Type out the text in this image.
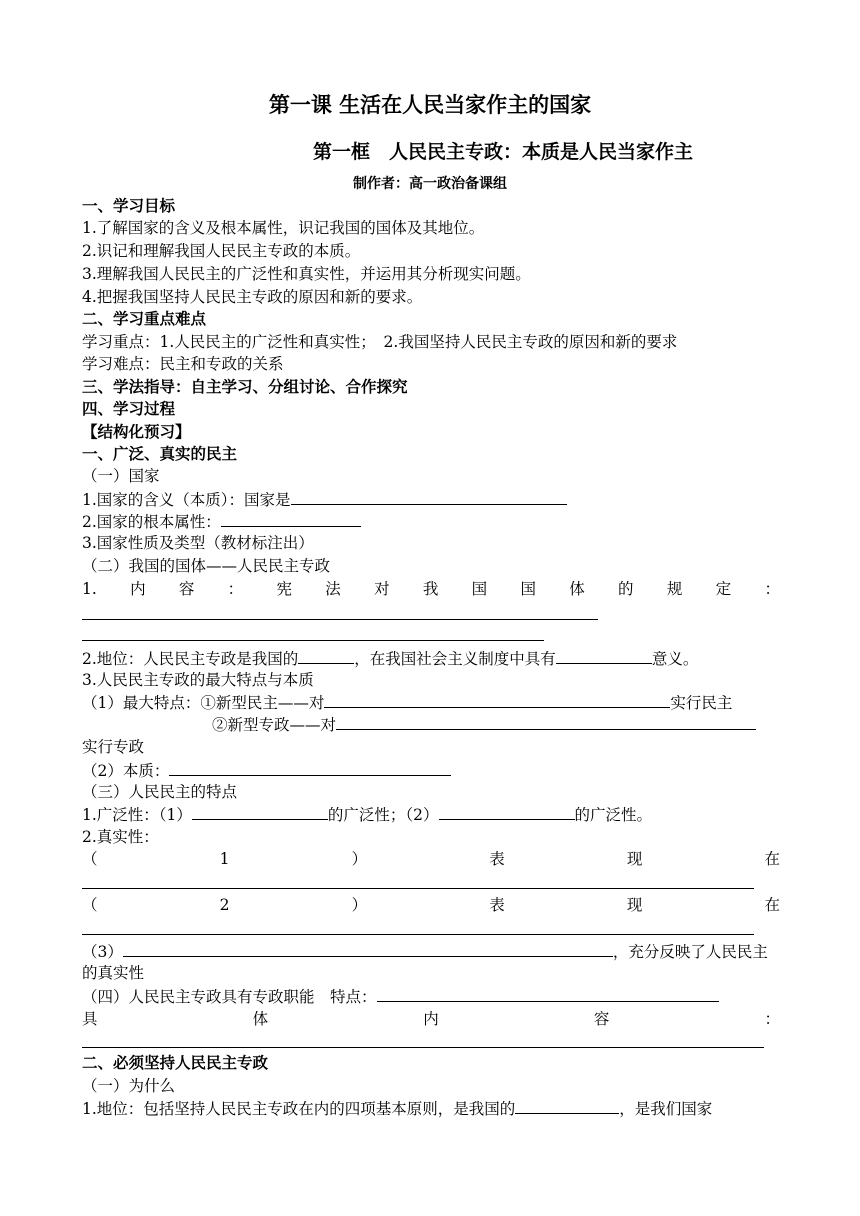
第一课 生活在人民当家作主的国家
第一框　人民民主专政：本质是人民当家作主
制作者：高一政治备课组
一、学习目标
1.了解国家的含义及根本属性，识记我国的国体及其地位。
2.识记和理解我国人民民主专政的本质。
3.理解我国人民民主的广泛性和真实性，并运用其分析现实问题。
4.把握我国坚持人民民主专政的原因和新的要求。
二、学习重点难点
学习重点：1.人民民主的广泛性和真实性；　2.我国坚持人民民主专政的原因和新的要求
学习难点：民主和专政的关系
三、学法指导：自主学习、分组讨论、合作探究
四、学习过程
【结构化预习】
一、广泛、真实的民主
（一）国家
1.国家的含义（本质）：国家是
2.国家的根本属性：
3.国家性质及类型（教材标注出）
（二）我国的国体——人民民主专政
1. 内 容 ： 宪 法 对 我 国 国 体 的 规 定 ：
2.地位：人民民主专政是我国的	，在我国社会主义制度中具有	意义。
3.人民民主专政的最大特点与本质
（1）最大特点：①新型民主——对	实行民主
②新型专政——对
实行专政
（2）本质：
（三）人民民主的特点
1.广泛性：（1）	的广泛性；（2）	的广泛性。
2.真实性：
（	1	）	表	现	在
（	2	）	表	现	在
（3）	，充分反映了人民民主
的真实性
（四）人民民主专政具有专政职能　特点：
具	体	内	容	：
二、必须坚持人民民主专政
（一）为什么
1.地位：包括坚持人民民主专政在内的四项基本原则，是我国的	，是我们国家
